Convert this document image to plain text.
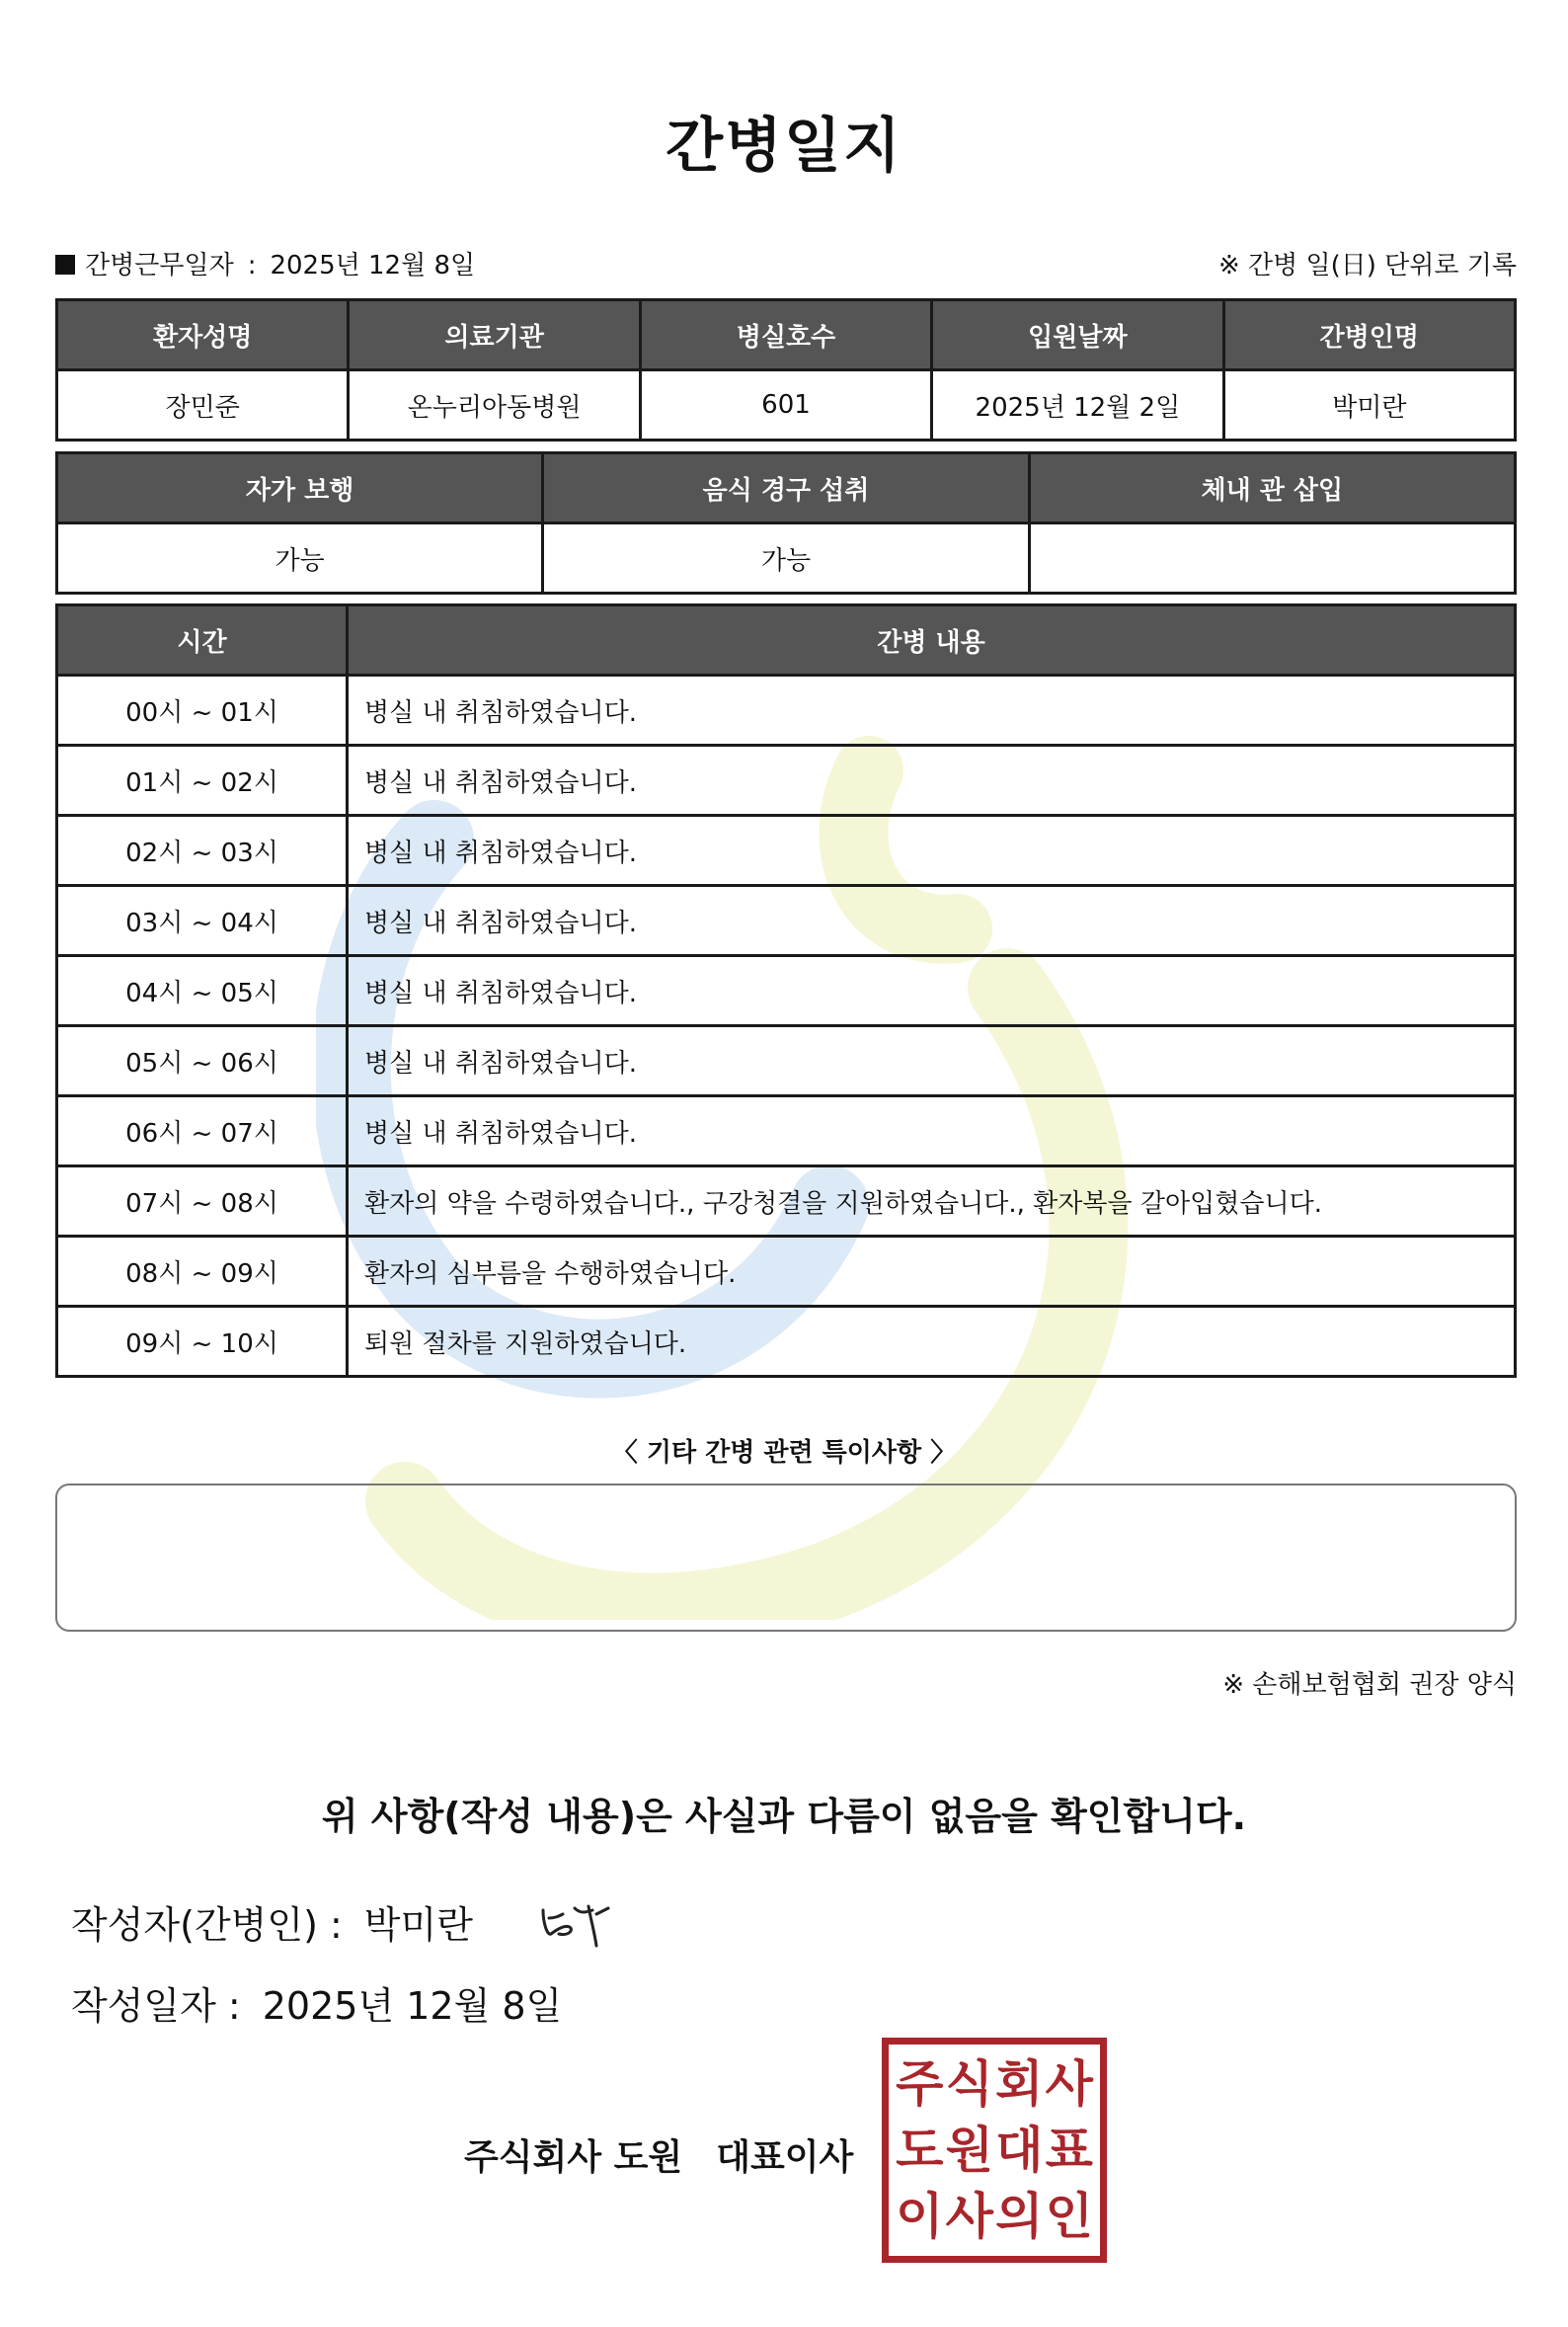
간병일지
간병근무일자 : 2025년 12월 8일	※ 간병 일(日) 단위로 기록
환자성명	의료기관	병실호수	입원날짜	간병인명
장민준	온누리아동병원	601	2025년 12월 2일	박미란
자가 보행	음식 경구 섭취	체내 관 삽입
가능	가능	
시간	간병 내용
00시 ~ 01시	병실 내 취침하였습니다.
01시 ~ 02시	병실 내 취침하였습니다.
02시 ~ 03시	병실 내 취침하였습니다.
03시 ~ 04시	병실 내 취침하였습니다.
04시 ~ 05시	병실 내 취침하였습니다.
05시 ~ 06시	병실 내 취침하였습니다.
06시 ~ 07시	병실 내 취침하였습니다.
07시 ~ 08시	환자의 약을 수령하였습니다., 구강청결을 지원하였습니다., 환자복을 갈아입혔습니다.
08시 ~ 09시	환자의 심부름을 수행하였습니다.
09시 ~ 10시	퇴원 절차를 지원하였습니다.
〈 기타 간병 관련 특이사항 〉
※ 손해보험협회 권장 양식
위 사항(작성 내용)은 사실과 다름이 없음을 확인합니다.
작성자(간병인) : 박미란
작성일자 : 2025년 12월 8일
주식회사 도원 대표이사
주 식 회 사
도 원 대 표
이 사 의 인
